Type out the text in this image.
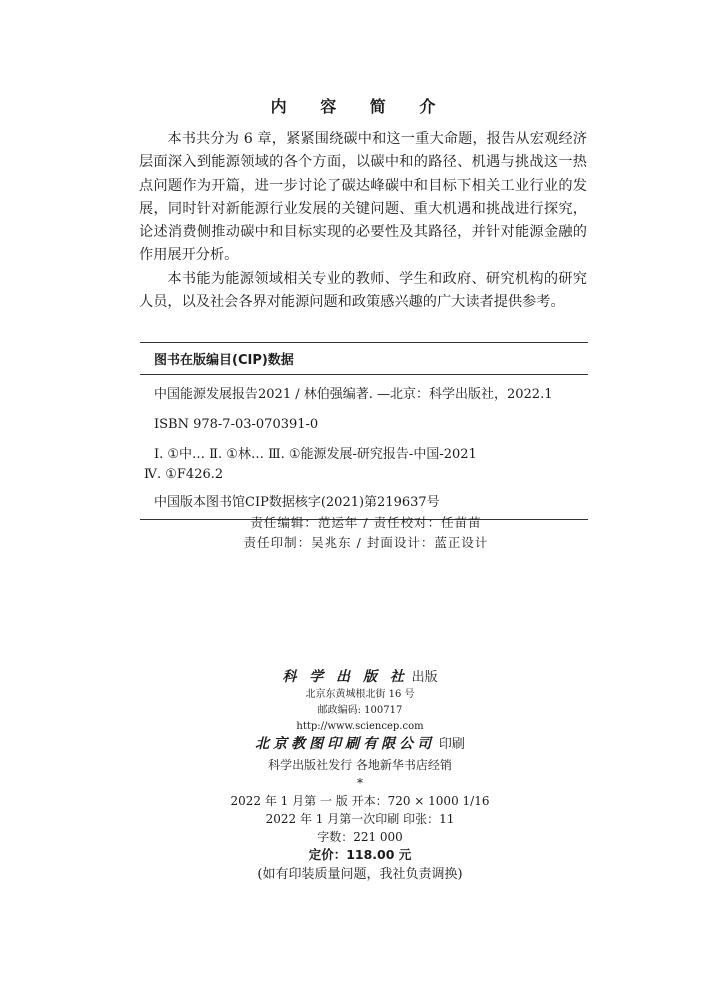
内 容 简 介

本书共分为 6 章，紧紧围绕碳中和这一重大命题，报告从宏观经济层面深入到能源领域的各个方面，以碳中和的路径、机遇与挑战这一热点问题作为开篇，进一步讨论了碳达峰碳中和目标下相关工业行业的发展，同时针对新能源行业发展的关键问题、重大机遇和挑战进行探究，论述消费侧推动碳中和目标实现的必要性及其路径，并针对能源金融的作用展开分析。

本书能为能源领域相关专业的教师、学生和政府、研究机构的研究人员，以及社会各界对能源问题和政策感兴趣的广大读者提供参考。

图书在版编目(CIP)数据
中国能源发展报告2021 / 林伯强编著. —北京：科学出版社，2022.1
ISBN 978-7-03-070391-0
Ⅰ. ①中… Ⅱ. ①林… Ⅲ. ①能源发展-研究报告-中国-2021
Ⅳ. ①F426.2
中国版本图书馆CIP数据核字(2021)第219637号
责任编辑：范运年 / 责任校对：任苗苗
责任印制：吴兆东 / 封面设计：蓝正设计
科 学 出 版 社 出版
北京东黄城根北街 16 号
邮政编码: 100717
http://www.sciencep.com
北京教图印刷有限公司 印刷
科学出版社发行 各地新华书店经销
*
2022 年 1 月第 一 版 开本：720 × 1000 1/16
2022 年 1 月第一次印刷 印张：11
字数：221 000
定价：118.00 元
(如有印装质量问题，我社负责调换)
